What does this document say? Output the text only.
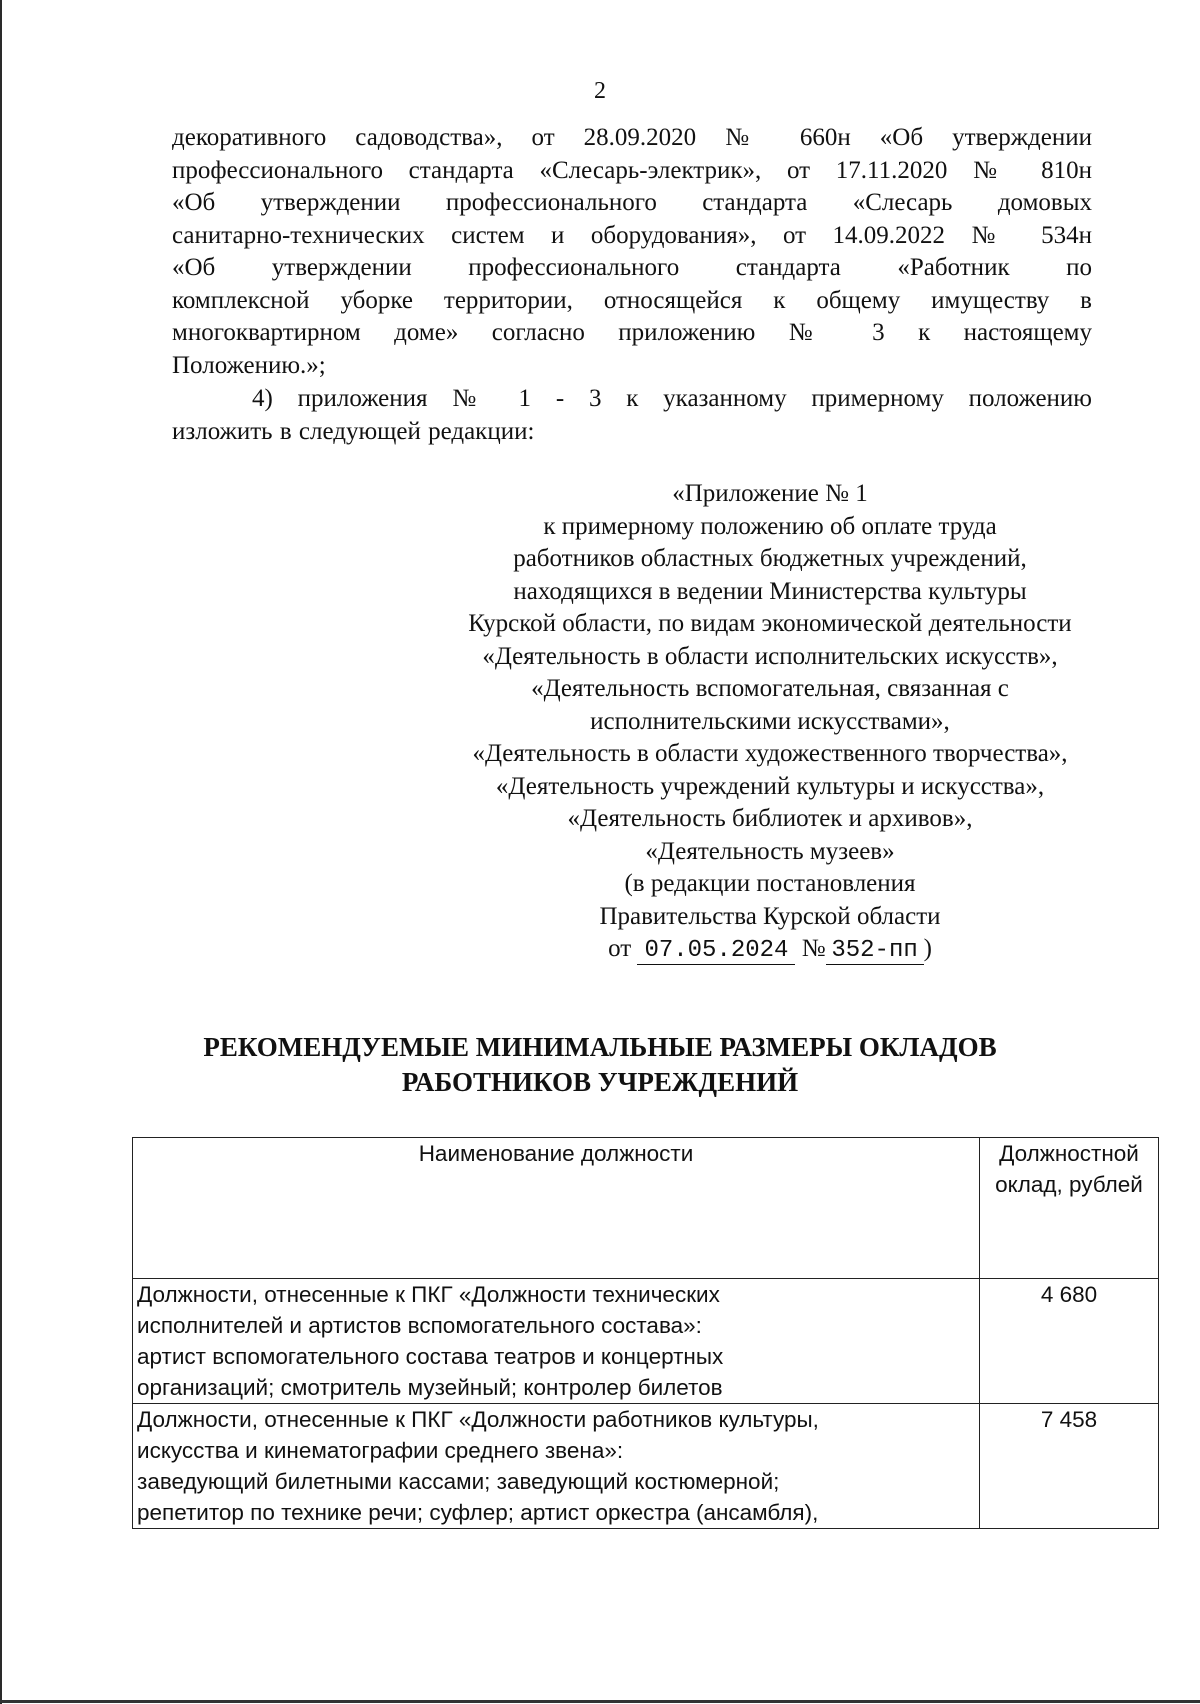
2
декоративного садоводства», от 28.09.2020 № 660н «Об утверждении
профессионального стандарта «Слесарь-электрик», от 17.11.2020 № 810н
«Об утверждении профессионального стандарта «Слесарь домовых
санитарно-технических систем и оборудования», от 14.09.2022 № 534н
«Об утверждении профессионального стандарта «Работник по
комплексной уборке территории, относящейся к общему имуществу в
многоквартирном доме» согласно приложению № 3 к настоящему
Положению.»;
4) приложения № 1 - 3 к указанному примерному положению
изложить в следующей редакции:
«Приложение № 1
к примерному положению об оплате труда
работников областных бюджетных учреждений,
находящихся в ведении Министерства культуры
Курской области, по видам экономической деятельности
«Деятельность в области исполнительских искусств»,
«Деятельность вспомогательная, связанная с
исполнительскими искусствами»,
«Деятельность в области художественного творчества»,
«Деятельность учреждений культуры и искусства»,
«Деятельность библиотек и архивов»,
«Деятельность музеев»
(в редакции постановления
Правительства Курской области
от 07.05.2024 № 352-пп )
РЕКОМЕНДУЕМЫЕ МИНИМАЛЬНЫЕ РАЗМЕРЫ ОКЛАДОВ
РАБОТНИКОВ УЧРЕЖДЕНИЙ
Наименование должности	Должностной
оклад, рублей

Должности, отнесенные к ПКГ «Должности технических
исполнителей и артистов вспомогательного состава»:
артист вспомогательного состава театров и концертных
организаций; смотритель музейный; контролер билетов	4 680

Должности, отнесенные к ПКГ «Должности работников культуры,
искусства и кинематографии среднего звена»:
заведующий билетными кассами; заведующий костюмерной;
репетитор по технике речи; суфлер; артист оркестра (ансамбля),	7 458
